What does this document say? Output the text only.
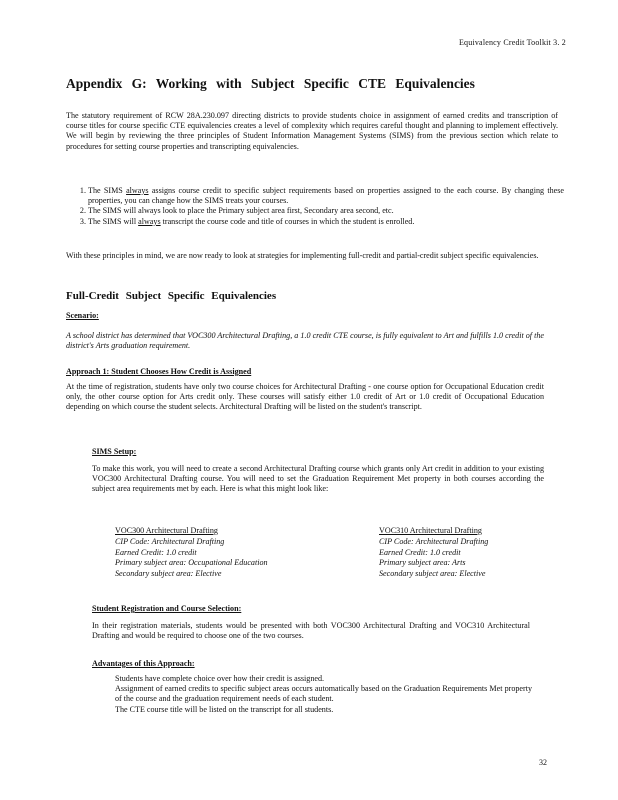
Equivalency Credit Toolkit 3. 2
Appendix G: Working with Subject Specific CTE Equivalencies
The statutory requirement of RCW 28A.230.097 directing districts to provide students choice in assignment of earned credits and transcription of course titles for course specific CTE equivalencies creates a level of complexity which requires careful thought and planning to implement effectively. We will begin by reviewing the three principles of Student Information Management Systems (SIMS) from the previous section which relate to procedures for setting course properties and transcripting equivalencies.
1. The SIMS always assigns course credit to specific subject requirements based on properties assigned to the each course. By changing these properties, you can change how the SIMS treats your courses.
2. The SIMS will always look to place the Primary subject area first, Secondary area second, etc.
3. The SIMS will always transcript the course code and title of courses in which the student is enrolled.
With these principles in mind, we are now ready to look at strategies for implementing full-credit and partial-credit subject specific equivalencies.
Full-Credit Subject Specific Equivalencies
Scenario:
A school district has determined that VOC300 Architectural Drafting, a 1.0 credit CTE course, is fully equivalent to Art and fulfills 1.0 credit of the district's Arts graduation requirement.
Approach 1: Student Chooses How Credit is Assigned
At the time of registration, students have only two course choices for Architectural Drafting - one course option for Occupational Education credit only, the other course option for Arts credit only. These courses will satisfy either 1.0 credit of Art or 1.0 credit of Occupational Education depending on which course the student selects. Architectural Drafting will be listed on the student's transcript.
SIMS Setup:
To make this work, you will need to create a second Architectural Drafting course which grants only Art credit in addition to your existing VOC300 Architectural Drafting course. You will need to set the Graduation Requirement Met property in both courses according the subject area requirements met by each. Here is what this might look like:
VOC300 Architectural Drafting
CIP Code: Architectural Drafting
Earned Credit: 1.0 credit
Primary subject area: Occupational Education
Secondary subject area: Elective
VOC310 Architectural Drafting
CIP Code: Architectural Drafting
Earned Credit: 1.0 credit
Primary subject area: Arts
Secondary subject area: Elective
Student Registration and Course Selection:
In their registration materials, students would be presented with both VOC300 Architectural Drafting and VOC310 Architectural Drafting and would be required to choose one of the two courses.
Advantages of this Approach:
Students have complete choice over how their credit is assigned.
Assignment of earned credits to specific subject areas occurs automatically based on the Graduation Requirements Met property of the course and the graduation requirement needs of each student.
The CTE course title will be listed on the transcript for all students.
32
